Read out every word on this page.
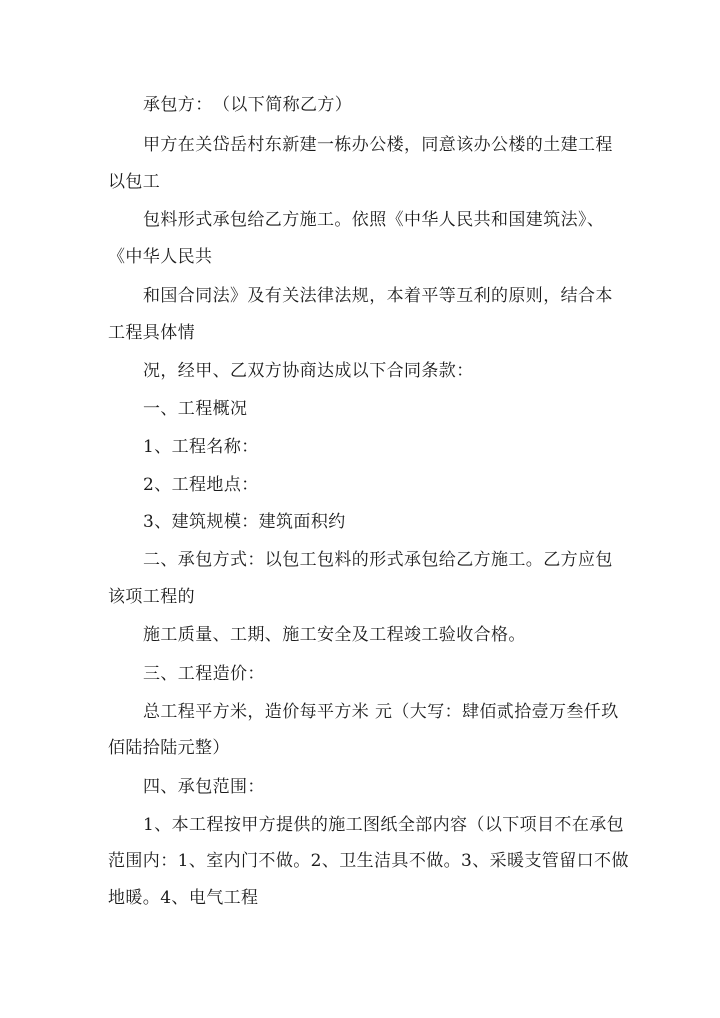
承包方：　（以下简称乙方）
甲方在关岱岳村东新建一栋办公楼，同意该办公楼的土建工程
以包工
包料形式承包给乙方施工。依照《中华人民共和国建筑法》、
《中华人民共
和国合同法》及有关法律法规，本着平等互利的原则，结合本
工程具体情
况，经甲、乙双方协商达成以下合同条款：
一、工程概况
1、工程名称：
2、工程地点：
3、建筑规模：建筑面积约
二、承包方式：以包工包料的形式承包给乙方施工。乙方应包
该项工程的
施工质量、工期、施工安全及工程竣工验收合格。
三、工程造价：
总工程平方米，造价每平方米 元（大写：肆佰贰拾壹万叁仟玖
佰陆拾陆元整）
四、承包范围：
1、本工程按甲方提供的施工图纸全部内容（以下项目不在承包
范围内：1、室内门不做。2、卫生洁具不做。3、采暖支管留口不做
地暖。4、电气工程
